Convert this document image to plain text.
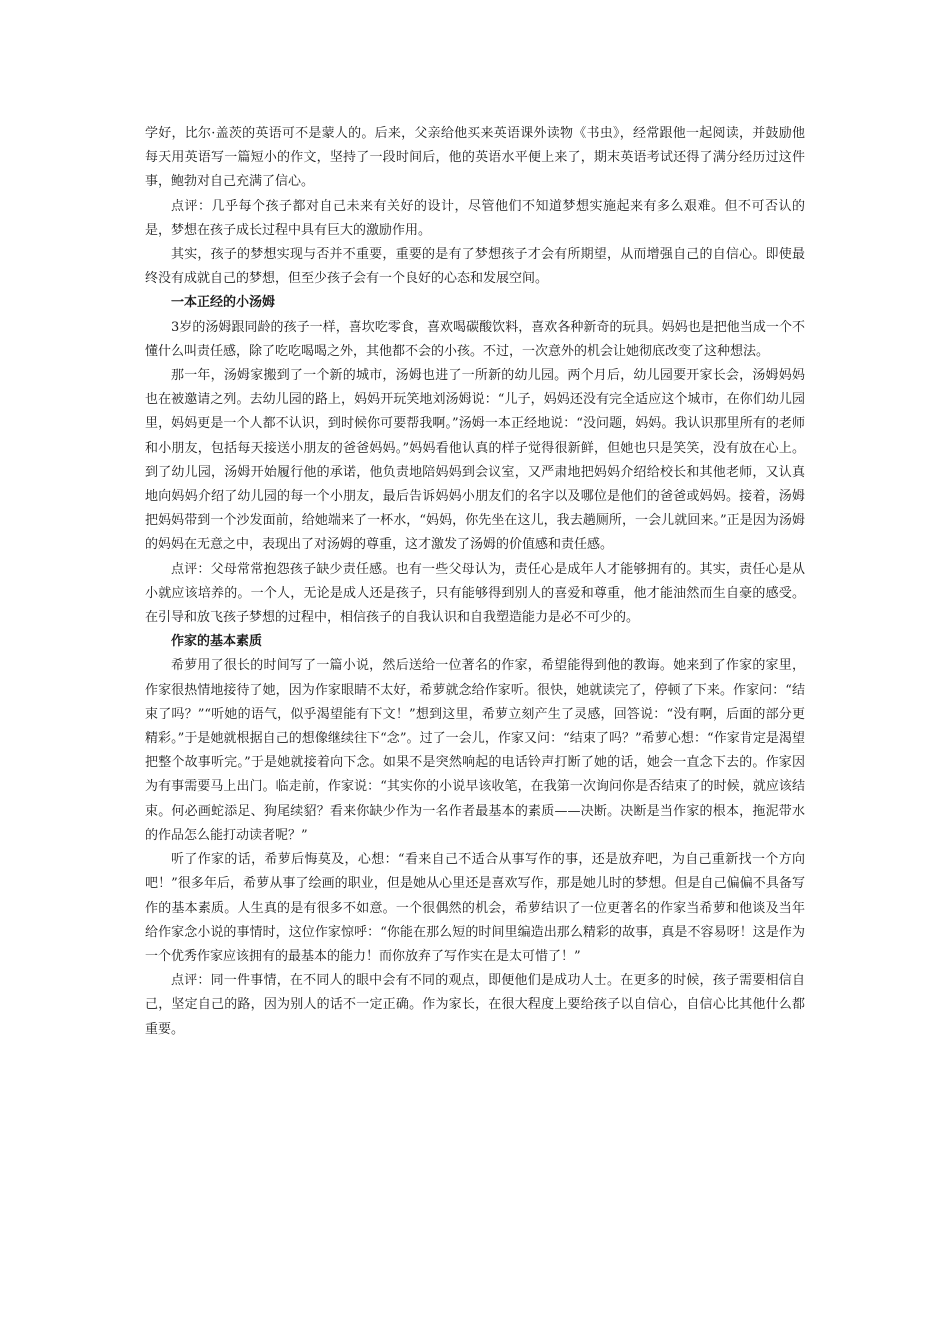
学好，比尔·盖茨的英语可不是蒙人的。后来，父亲给他买来英语课外读物《书虫》，经常跟他一起阅读，并鼓励他每天用英语写一篇短小的作文，坚持了一段时间后，他的英语水平便上来了，期末英语考试还得了满分经历过这件事，鲍勃对自己充满了信心。

点评：几乎每个孩子都对自己未来有关好的设计，尽管他们不知道梦想实施起来有多么艰难。但不可否认的是，梦想在孩子成长过程中具有巨大的激励作用。

其实，孩子的梦想实现与否并不重要，重要的是有了梦想孩子才会有所期望，从而增强自己的自信心。即使最终没有成就自己的梦想，但至少孩子会有一个良好的心态和发展空间。

一本正经的小汤姆

3岁的汤姆跟同龄的孩子一样，喜坎吃零食，喜欢喝碳酸饮料，喜欢各种新奇的玩具。妈妈也是把他当成一个不懂什么叫责任感，除了吃吃喝喝之外，其他都不会的小孩。不过，一次意外的机会让她彻底改变了这种想法。

那一年，汤姆家搬到了一个新的城市，汤姆也进了一所新的幼儿园。两个月后，幼儿园要开家长会，汤姆妈妈也在被邀请之列。去幼儿园的路上，妈妈开玩笑地刘汤姆说：“儿子，妈妈还没有完全适应这个城市，在你们幼儿园里，妈妈更是一个人都不认识，到时候你可要帮我啊。”汤姆一本正经地说：“没问题，妈妈。我认识那里所有的老师和小朋友，包括每天接送小朋友的爸爸妈妈。”妈妈看他认真的样子觉得很新鲜，但她也只是笑笑，没有放在心上。到了幼儿园，汤姆开始履行他的承诺，他负责地陪妈妈到会议室，又严肃地把妈妈介绍给校长和其他老师，又认真地向妈妈介绍了幼儿园的每一个小朋友，最后告诉妈妈小朋友们的名字以及哪位是他们的爸爸或妈妈。接着，汤姆把妈妈带到一个沙发面前，给她端来了一杯水，“妈妈，你先坐在这儿，我去趟厕所，一会儿就回来。”正是因为汤姆的妈妈在无意之中，表现出了对汤姆的尊重，这才激发了汤姆的价值感和责任感。

点评：父母常常抱怨孩子缺少责任感。也有一些父母认为，责任心是成年人才能够拥有的。其实，责任心是从小就应该培养的。一个人，无论是成人还是孩子，只有能够得到别人的喜爱和尊重，他才能油然而生自豪的感受。在引导和放飞孩子梦想的过程中，相信孩子的自我认识和自我塑造能力是必不可少的。

作家的基本素质

希萝用了很长的时间写了一篇小说，然后送给一位著名的作家，希望能得到他的教诲。她来到了作家的家里，作家很热情地接待了她，因为作家眼睛不太好，希萝就念给作家听。很快，她就读完了，停顿了下来。作家问：“结束了吗？”“听她的语气，似乎渴望能有下文！”想到这里，希萝立刻产生了灵感，回答说：“没有啊，后面的部分更精彩。”于是她就根据自己的想像继续往下“念”。过了一会儿，作家又问：“结束了吗？”希萝心想：“作家肯定是渴望把整个故事听完。”于是她就接着向下念。如果不是突然响起的电话铃声打断了她的话，她会一直念下去的。作家因为有事需要马上出门。临走前，作家说：“其实你的小说早该收笔，在我第一次询问你是否结束了的时候，就应该结束。何必画蛇添足、狗尾续貂？看来你缺少作为一名作者最基本的素质——决断。决断是当作家的根本，拖泥带水的作品怎么能打动读者呢？”

听了作家的话，希萝后悔莫及，心想：“看来自己不适合从事写作的事，还是放弃吧，为自己重新找一个方向吧！”很多年后，希萝从事了绘画的职业，但是她从心里还是喜欢写作，那是她儿时的梦想。但是自己偏偏不具备写作的基本素质。人生真的是有很多不如意。一个很偶然的机会，希萝结识了一位更著名的作家当希萝和他谈及当年给作家念小说的事情时，这位作家惊呼：“你能在那么短的时间里编造出那么精彩的故事，真是不容易呀！这是作为一个优秀作家应该拥有的最基本的能力！而你放弃了写作实在是太可惜了！”

点评：同一件事情，在不同人的眼中会有不同的观点，即便他们是成功人士。在更多的时候，孩子需要相信自己，坚定自己的路，因为别人的话不一定正确。作为家长，在很大程度上要给孩子以自信心，自信心比其他什么都重要。
